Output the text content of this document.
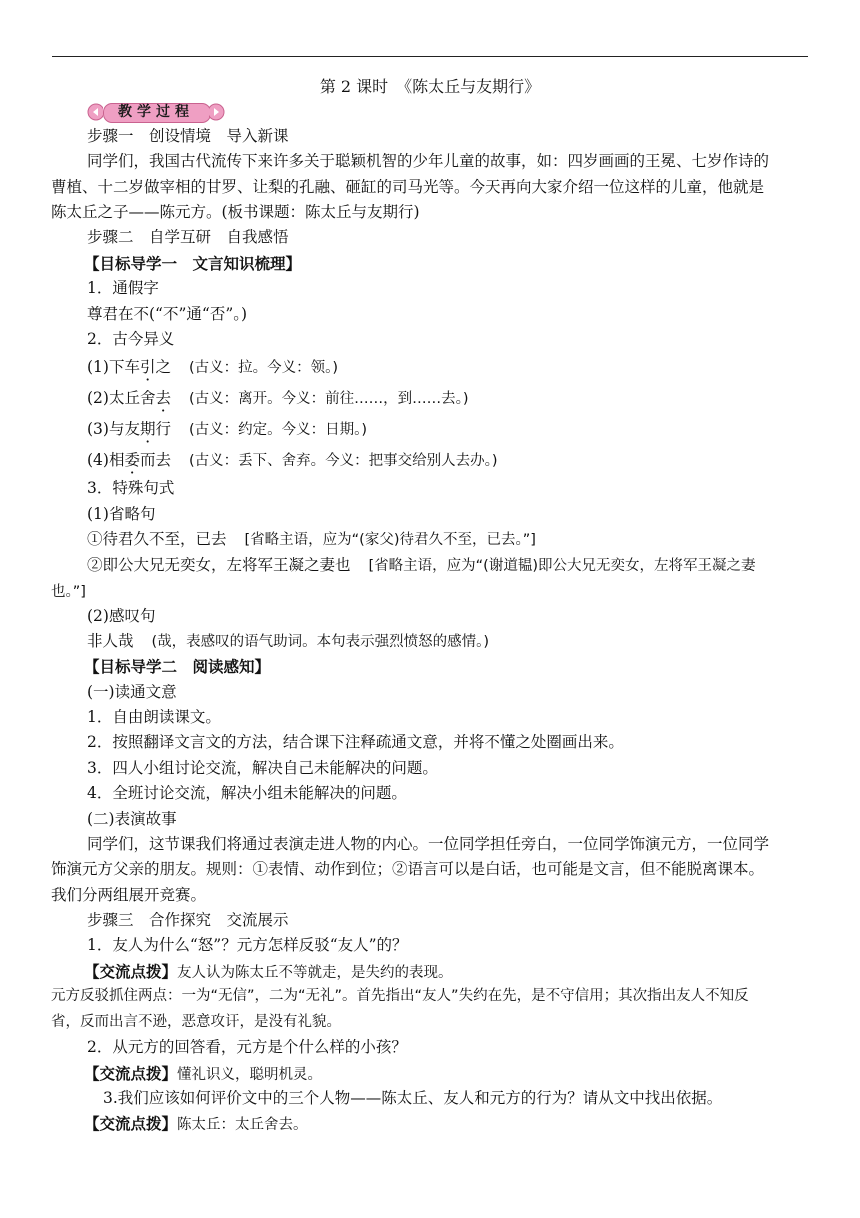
第 2 课时　《陈太丘与友期行》
教学过程
步骤一　创设情境　导入新课
同学们，我国古代流传下来许多关于聪颖机智的少年儿童的故事，如：四岁画画的王冕、七岁作诗的曹植、十二岁做宰相的甘罗、让梨的孔融、砸缸的司马光等。今天再向大家介绍一位这样的儿童，他就是陈太丘之子——陈元方。(板书课题：陈太丘与友期行)
步骤二　自学互研　自我感悟
【目标导学一　文言知识梳理】
1．通假字
尊君在不(“不”通“否”。)
2．古今异义
(1)下车引之 (古义：拉。今义：领。)
(2)太丘舍去 (古义：离开。今义：前往……，到……去。)
(3)与友期行 (古义：约定。今义：日期。)
(4)相委而去 (古义：丢下、舍弃。今义：把事交给别人去办。)
3．特殊句式
(1)省略句
①待君久不至，已去 [省略主语，应为“(家父)待君久不至，已去。”]
②即公大兄无奕女，左将军王凝之妻也 [省略主语，应为“(谢道韫)即公大兄无奕女，左将军王凝之妻也。”]
(2)感叹句
非人哉 (哉，表感叹的语气助词。本句表示强烈愤怒的感情。)
【目标导学二　阅读感知】
(一)读通文意
1．自由朗读课文。
2．按照翻译文言文的方法，结合课下注释疏通文意，并将不懂之处圈画出来。
3．四人小组讨论交流，解决自己未能解决的问题。
4．全班讨论交流，解决小组未能解决的问题。
(二)表演故事
同学们，这节课我们将通过表演走进人物的内心。一位同学担任旁白，一位同学饰演元方，一位同学饰演元方父亲的朋友。规则：①表情、动作到位；②语言可以是白话，也可能是文言，但不能脱离课本。我们分两组展开竞赛。
步骤三　合作探究　交流展示
1．友人为什么“怒”？元方怎样反驳“友人”的？
【交流点拨】友人认为陈太丘不等就走，是失约的表现。
元方反驳抓住两点：一为“无信”，二为“无礼”。首先指出“友人”失约在先，是不守信用；其次指出友人不知反省，反而出言不逊，恶意攻讦，是没有礼貌。
2．从元方的回答看，元方是个什么样的小孩？
【交流点拨】懂礼识义，聪明机灵。
3.我们应该如何评价文中的三个人物——陈太丘、友人和元方的行为？请从文中找出依据。
【交流点拨】陈太丘：太丘舍去。
